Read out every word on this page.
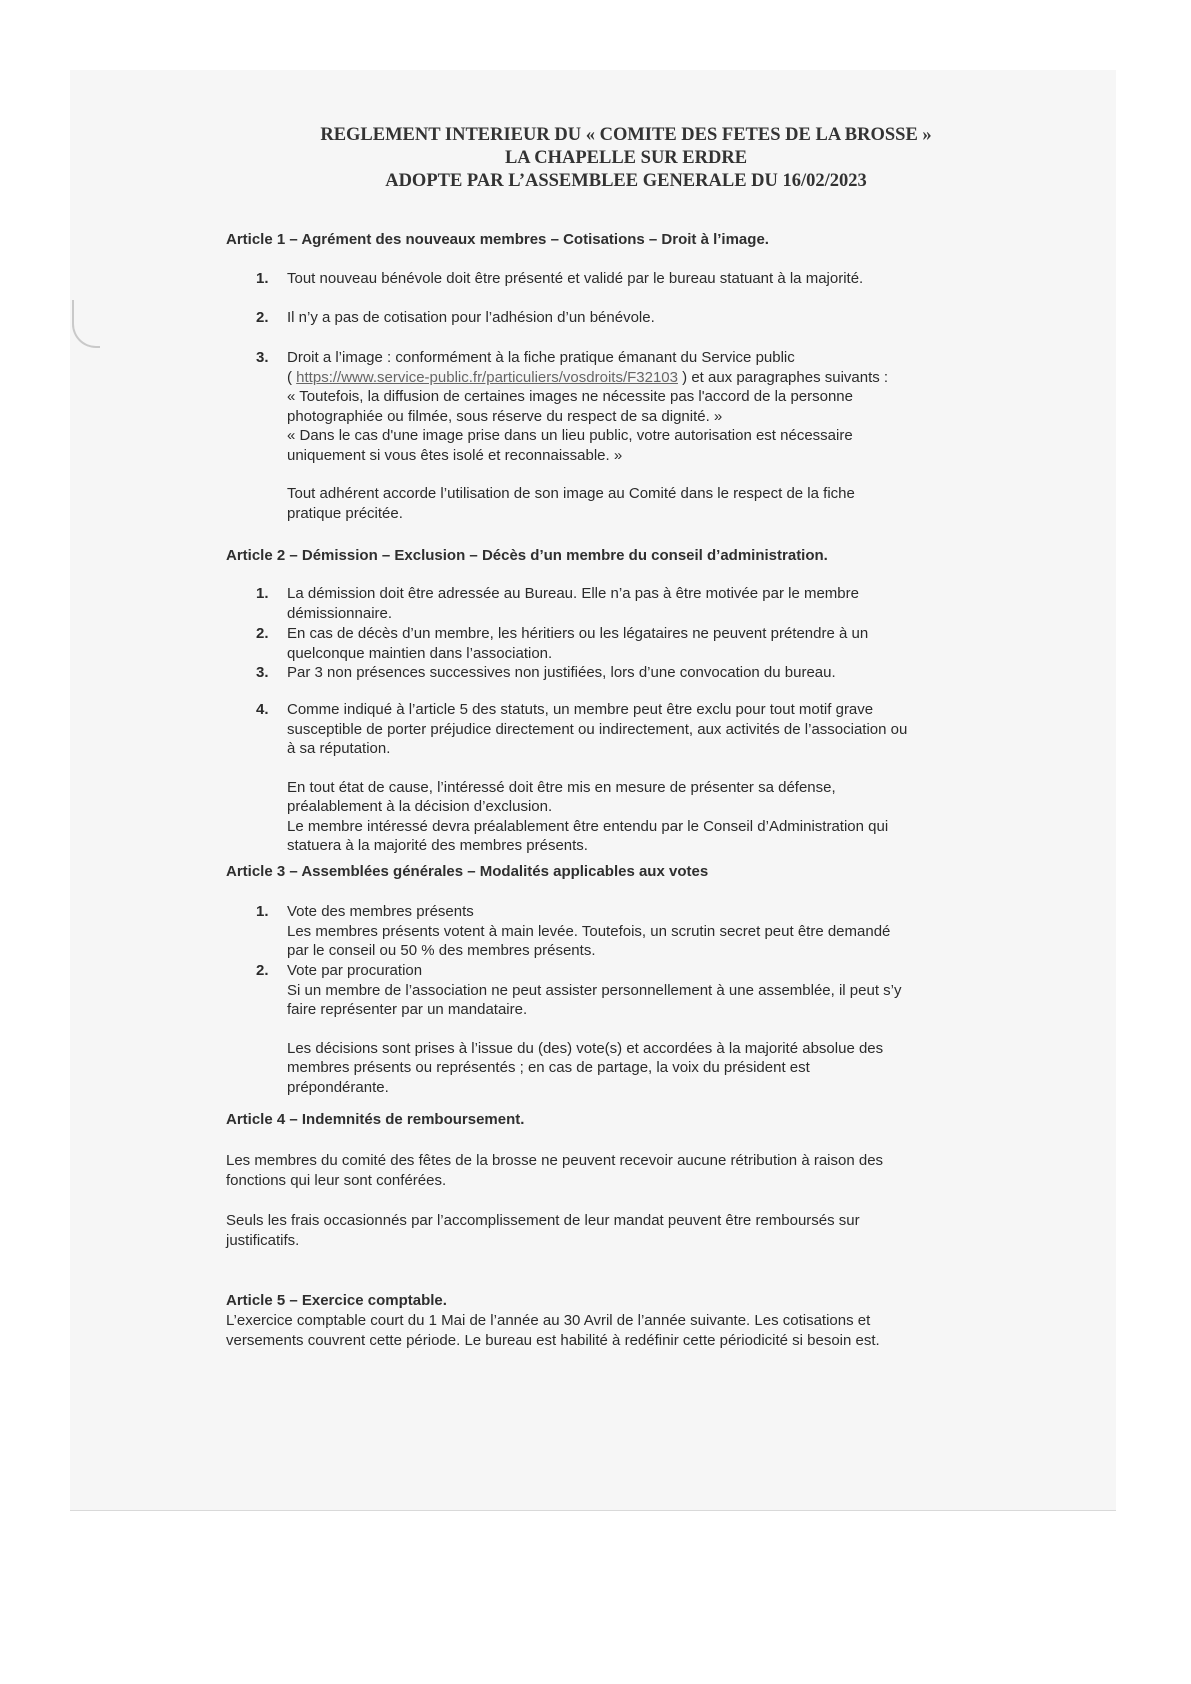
REGLEMENT INTERIEUR DU « COMITE DES FETES DE LA BROSSE »
LA CHAPELLE SUR ERDRE
ADOPTE PAR L’ASSEMBLEE GENERALE DU 16/02/2023
Article 1 – Agrément des nouveaux membres – Cotisations – Droit à l’image.
1. Tout nouveau bénévole doit être présenté et validé par le bureau statuant à la majorité.

2. Il n’y a pas de cotisation pour l’adhésion d’un bénévole.

3. Droit a l’image : conformément à la fiche pratique émanant du Service public

( https://www.service-public.fr/particuliers/vosdroits/F32103 ) et aux paragraphes suivants :

« Toutefois, la diffusion de certaines images ne nécessite pas l'accord de la personne

photographiée ou filmée, sous réserve du respect de sa dignité. »

« Dans le cas d'une image prise dans un lieu public, votre autorisation est nécessaire

uniquement si vous êtes isolé et reconnaissable. »

Tout adhérent accorde l’utilisation de son image au Comité dans le respect de la fiche

pratique précitée.

Article 2 – Démission – Exclusion – Décès d’un membre du conseil d’administration.
1. La démission doit être adressée au Bureau. Elle n’a pas à être motivée par le membre

démissionnaire.

2. En cas de décès d’un membre, les héritiers ou les légataires ne peuvent prétendre à un

quelconque maintien dans l’association.

3. Par 3 non présences successives non justifiées, lors d’une convocation du bureau.

4. Comme indiqué à l’article 5 des statuts, un membre peut être exclu pour tout motif grave

susceptible de porter préjudice directement ou indirectement, aux activités de l’association ou

à sa réputation.

En tout état de cause, l’intéressé doit être mis en mesure de présenter sa défense,

préalablement à la décision d’exclusion.

Le membre intéressé devra préalablement être entendu par le Conseil d’Administration qui

statuera à la majorité des membres présents.

Article 3 – Assemblées générales – Modalités applicables aux votes
1. Vote des membres présents

Les membres présents votent à main levée. Toutefois, un scrutin secret peut être demandé

par le conseil ou 50 % des membres présents.

2. Vote par procuration

Si un membre de l’association ne peut assister personnellement à une assemblée, il peut s’y

faire représenter par un mandataire.

Les décisions sont prises à l’issue du (des) vote(s) et accordées à la majorité absolue des

membres présents ou représentés ; en cas de partage, la voix du président est

prépondérante.

Article 4 – Indemnités de remboursement.

Les membres du comité des fêtes de la brosse ne peuvent recevoir aucune rétribution à raison des

fonctions qui leur sont conférées.

Seuls les frais occasionnés par l’accomplissement de leur mandat peuvent être remboursés sur

justificatifs.

Article 5 – Exercice comptable.

L’exercice comptable court du 1 Mai de l’année au 30 Avril de l’année suivante. Les cotisations et

versements couvrent cette période. Le bureau est habilité à redéfinir cette périodicité si besoin est.
